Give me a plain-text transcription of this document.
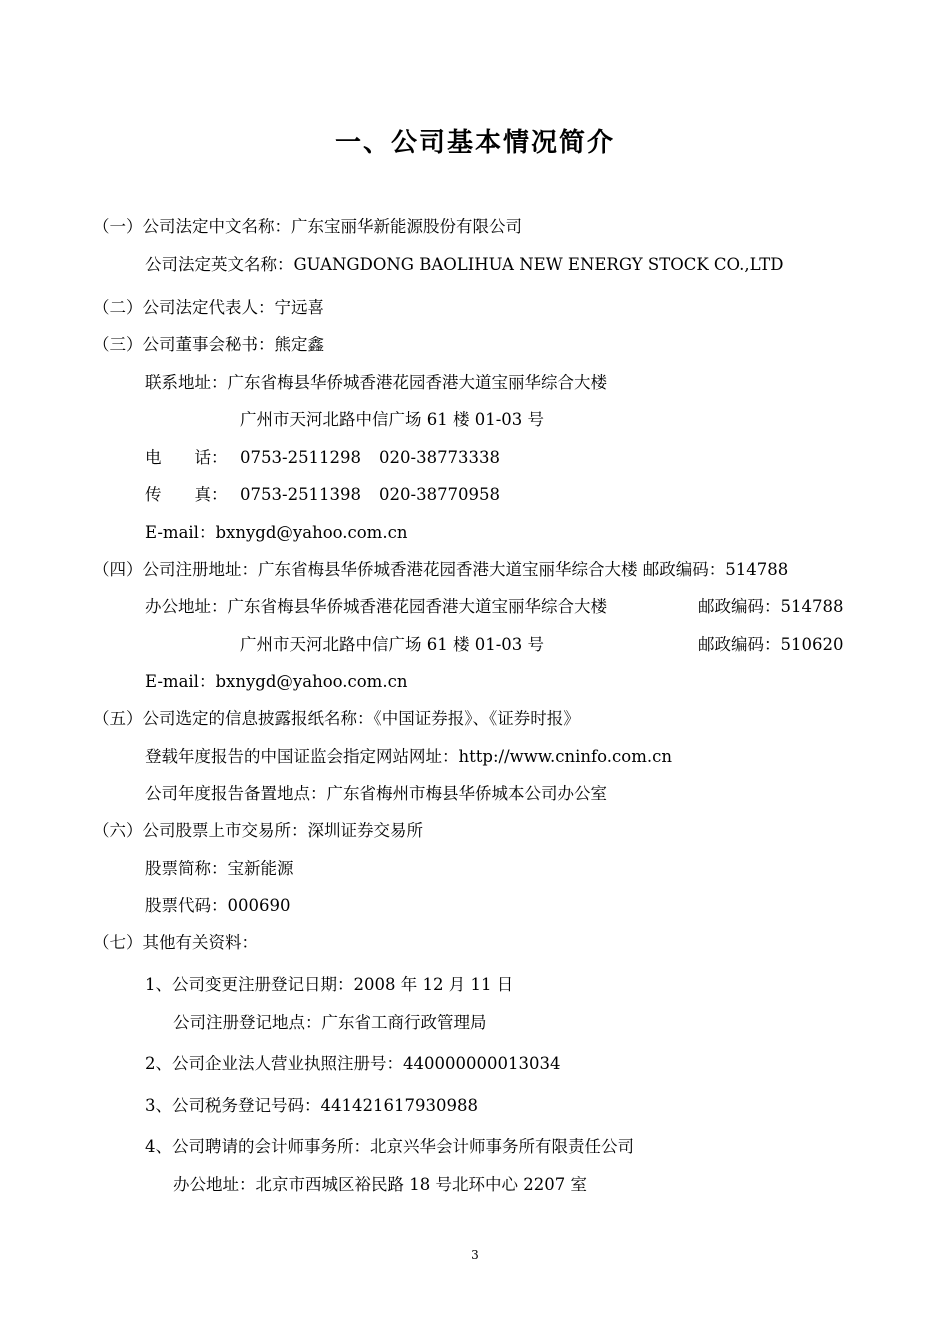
一、公司基本情况简介
（一）公司法定中文名称：广东宝丽华新能源股份有限公司
公司法定英文名称：GUANGDONG BAOLIHUA NEW ENERGY STOCK CO.,LTD
（二）公司法定代表人：宁远喜
（三）公司董事会秘书：熊定鑫
联系地址：广东省梅县华侨城香港花园香港大道宝丽华综合大楼
广州市天河北路中信广场 61 楼 01-03 号
电　　话： 0753-2511298 020-38773338
传　　真： 0753-2511398 020-38770958
E-mail：bxnygd@yahoo.com.cn
（四）公司注册地址：广东省梅县华侨城香港花园香港大道宝丽华综合大楼 邮政编码：514788
办公地址：广东省梅县华侨城香港花园香港大道宝丽华综合大楼	邮政编码：514788
广州市天河北路中信广场 61 楼 01-03 号	邮政编码：510620
E-mail：bxnygd@yahoo.com.cn
（五）公司选定的信息披露报纸名称：《中国证券报》、《证券时报》
登载年度报告的中国证监会指定网站网址：http://www.cninfo.com.cn
公司年度报告备置地点：广东省梅州市梅县华侨城本公司办公室
（六）公司股票上市交易所：深圳证券交易所
股票简称：宝新能源
股票代码：000690
（七）其他有关资料：
1、公司变更注册登记日期：2008 年 12 月 11 日
公司注册登记地点：广东省工商行政管理局
2、公司企业法人营业执照注册号：440000000013034
3、公司税务登记号码：441421617930988
4、公司聘请的会计师事务所：北京兴华会计师事务所有限责任公司
办公地址：北京市西城区裕民路 18 号北环中心 2207 室
3
